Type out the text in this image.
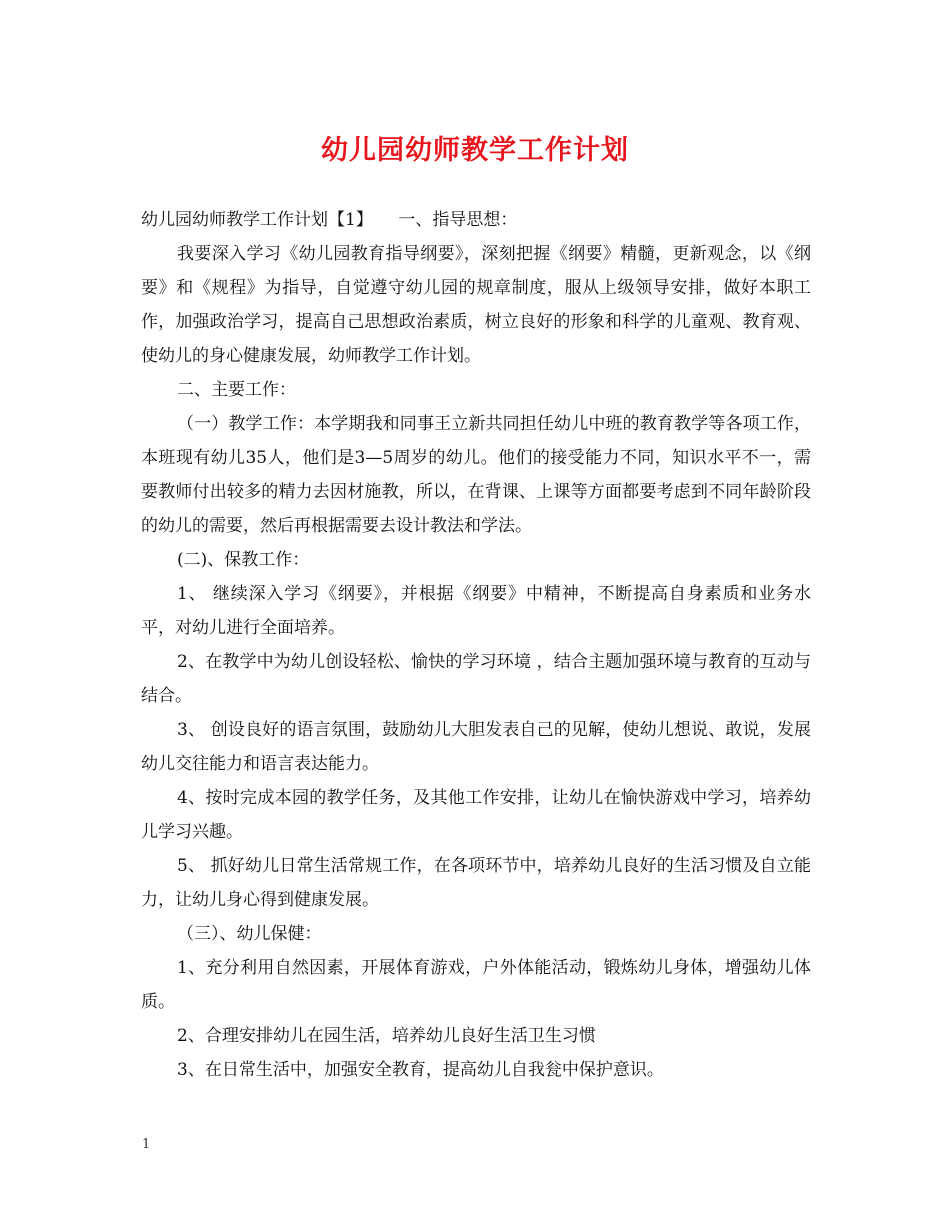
幼儿园幼师教学工作计划

幼儿园幼师教学工作计划【1】　　一、指导思想：

我要深入学习《幼儿园教育指导纲要》，深刻把握《纲要》精髓，更新观念，以《纲要》和《规程》为指导，自觉遵守幼儿园的规章制度，服从上级领导安排，做好本职工作，加强政治学习，提高自己思想政治素质，树立良好的形象和科学的儿童观、教育观、使幼儿的身心健康发展，幼师教学工作计划。

二、主要工作：

（一）教学工作：本学期我和同事王立新共同担任幼儿中班的教育教学等各项工作，本班现有幼儿35人，他们是3—5周岁的幼儿。他们的接受能力不同，知识水平不一，需要教师付出较多的精力去因材施教，所以，在背课、上课等方面都要考虑到不同年龄阶段的幼儿的需要，然后再根据需要去设计教法和学法。

(二)、保教工作：

1、 继续深入学习《纲要》，并根据《纲要》中精神，不断提高自身素质和业务水平，对幼儿进行全面培养。

2、在教学中为幼儿创设轻松、愉快的学习环境 ，结合主题加强环境与教育的互动与结合。

3、 创设良好的语言氛围，鼓励幼儿大胆发表自己的见解，使幼儿想说、敢说，发展幼儿交往能力和语言表达能力。

4、按时完成本园的教学任务，及其他工作安排，让幼儿在愉快游戏中学习，培养幼儿学习兴趣。

5、 抓好幼儿日常生活常规工作，在各项环节中，培养幼儿良好的生活习惯及自立能力，让幼儿身心得到健康发展。

（三）、幼儿保健：

1、充分利用自然因素，开展体育游戏，户外体能活动，锻炼幼儿身体，增强幼儿体质。

2、合理安排幼儿在园生活，培养幼儿良好生活卫生习惯

3、在日常生活中，加强安全教育，提高幼儿自我瓮中保护意识。

1
